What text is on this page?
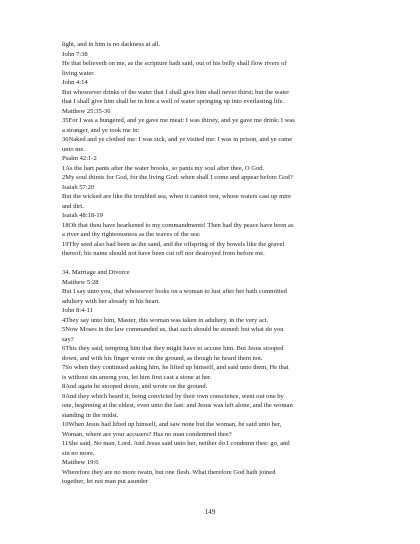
light, and in him is no darkness at all.
John 7:38
He that believeth on me, as the scripture hath said, out of his belly shall flow rivers of
living water.
John 4:14
But whosoever drinks of the water that I shall give him shall never thirst; but the water
that I shall give him shall be in him a well of water springing up into everlasting life.
Matthew 25:35-36
35For I was a hungered, and ye gave me meat: I was thirsty, and ye gave me drink: I was
a stranger, and ye took me in:
36Naked and ye clothed me: I was sick, and ye visited me: I was in prison, and ye came
unto me.
Psalm 42:1-2
1As the hart pants after the water brooks, so pants my soul after thee, O God.
2My soul thirsts for God, for the living God: when shall I come and appear before God?
Isaiah 57:20
But the wicked are like the troubled sea, when it cannot rest, whose waters cast up mire
and dirt.
Isaiah 48:18-19
18Oh that thou have hearkened to my commandments! Then had thy peace have been as
a river and thy righteousness as the waves of the sea:
19Thy seed also had been as the sand, and the offspring of thy bowels like the gravel
thereof; his name should not have been cut off nor destroyed from before me.
34. Marriage and Divorce
Matthew 5:28
But I say unto you, that whosoever looks on a woman to lust after her hath committed
adultery with her already in his heart.
John 8:4-11
4They say unto him, Master, this woman was taken in adultery, in the very act.
5Now Moses in the law commanded us, that such should be stoned: but what do you
say?
6This they said, tempting him that they might have to accuse him. But Jesus stooped
down, and with his finger wrote on the ground, as though he heard them not.
7So when they continued asking him, he lifted up himself, and said unto them, He that
is without sin among you, let him first cast a stone at her.
8And again he stooped down, and wrote on the ground.
9And they which heard it, being convicted by their own conscience, went out one by
one, beginning at the eldest, even unto the last: and Jesus was left alone, and the woman
standing in the midst.
10When Jesus had lifted up himself, and saw none but the woman, he said unto her,
Woman, where are your accusers? Has no man condemned thee?
11She said, No man, Lord. And Jesus said unto her, neither do I condemn thee: go, and
sin no more.
Matthew 19:6
Wherefore they are no more twain, but one flesh. What therefore God hath joined
together, let not man put asunder
149
